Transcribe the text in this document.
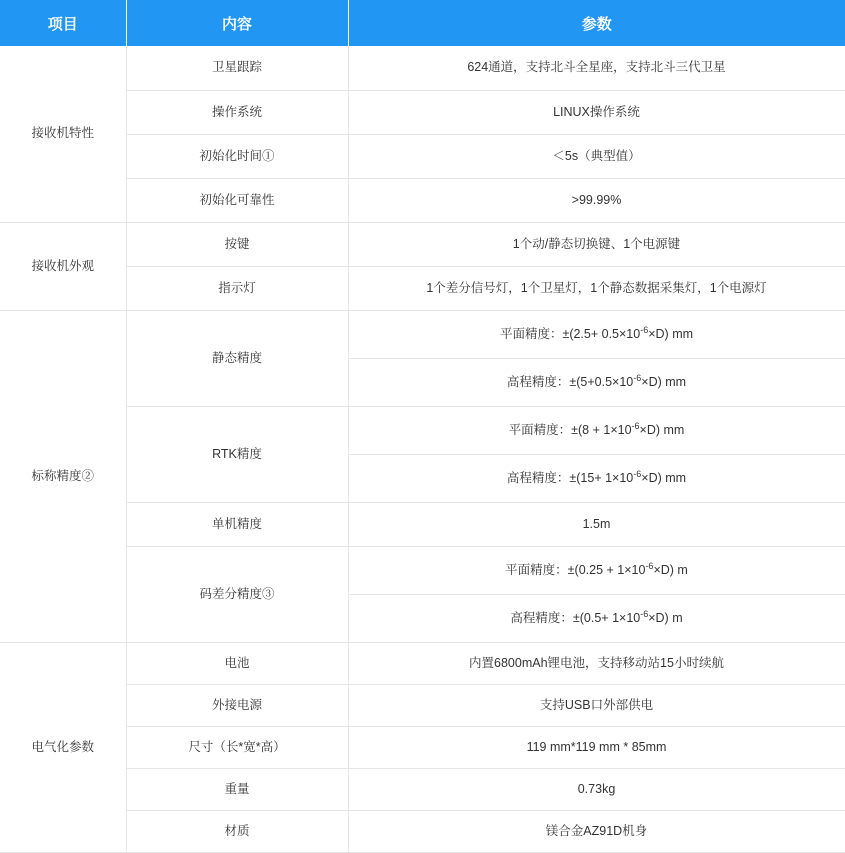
项目	内容	参数
接收机特性	卫星跟踪	624通道，支持北斗全星座，支持北斗三代卫星
	操作系统	LINUX操作系统
	初始化时间①	＜5s（典型值）
	初始化可靠性	>99.99%
接收机外观	按键	1个动/静态切换键、1个电源键
	指示灯	1个差分信号灯，1个卫星灯，1个静态数据采集灯，1个电源灯
标称精度②	静态精度	平面精度：$\pm(2.5+ 0.5\times 10^{-6}\times D)$ mm
		高程精度：$\pm(5+0.5\times 10^{-6}\times D)$ mm
	RTK精度	平面精度：$\pm(8 + 1\times 10^{-6}\times D)$ mm
		高程精度：$\pm(15+ 1\times 10^{-6}\times D)$ mm
	单机精度	1.5m
	码差分精度③	平面精度：$\pm(0.25 + 1\times 10^{-6}\times D)$ m
		高程精度：$\pm(0.5+ 1\times 10^{-6}\times D)$ m
电气化参数	电池	内置6800mAh锂电池，支持移动站15小时续航
	外接电源	支持USB口外部供电
	尺寸（长*宽*高）	119 mm*119 mm * 85mm
	重量	0.73kg
	材质	镁合金AZ91D机身
